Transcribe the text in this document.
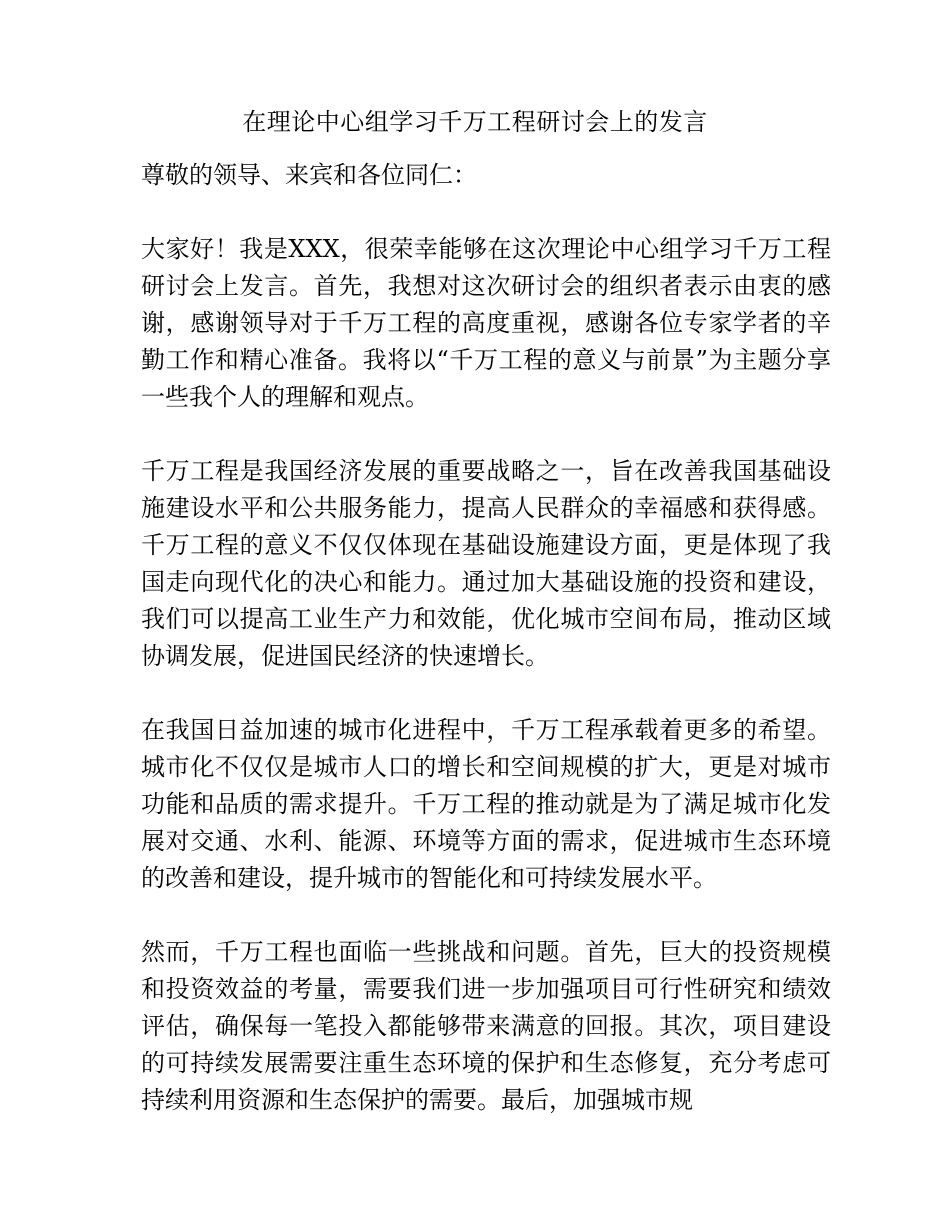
在理论中心组学习千万工程研讨会上的发言

尊敬的领导、来宾和各位同仁：

大家好！我是XXX，很荣幸能够在这次理论中心组学习千万工程研讨会上发言。首先，我想对这次研讨会的组织者表示由衷的感谢，感谢领导对于千万工程的高度重视，感谢各位专家学者的辛勤工作和精心准备。我将以“千万工程的意义与前景”为主题分享一些我个人的理解和观点。

千万工程是我国经济发展的重要战略之一，旨在改善我国基础设施建设水平和公共服务能力，提高人民群众的幸福感和获得感。千万工程的意义不仅仅体现在基础设施建设方面，更是体现了我国走向现代化的决心和能力。通过加大基础设施的投资和建设，我们可以提高工业生产力和效能，优化城市空间布局，推动区域协调发展，促进国民经济的快速增长。

在我国日益加速的城市化进程中，千万工程承载着更多的希望。城市化不仅仅是城市人口的增长和空间规模的扩大，更是对城市功能和品质的需求提升。千万工程的推动就是为了满足城市化发展对交通、水利、能源、环境等方面的需求，促进城市生态环境的改善和建设，提升城市的智能化和可持续发展水平。

然而，千万工程也面临一些挑战和问题。首先，巨大的投资规模和投资效益的考量，需要我们进一步加强项目可行性研究和绩效评估，确保每一笔投入都能够带来满意的回报。其次，项目建设的可持续发展需要注重生态环境的保护和生态修复，充分考虑可持续利用资源和生态保护的需要。最后，加强城市规
